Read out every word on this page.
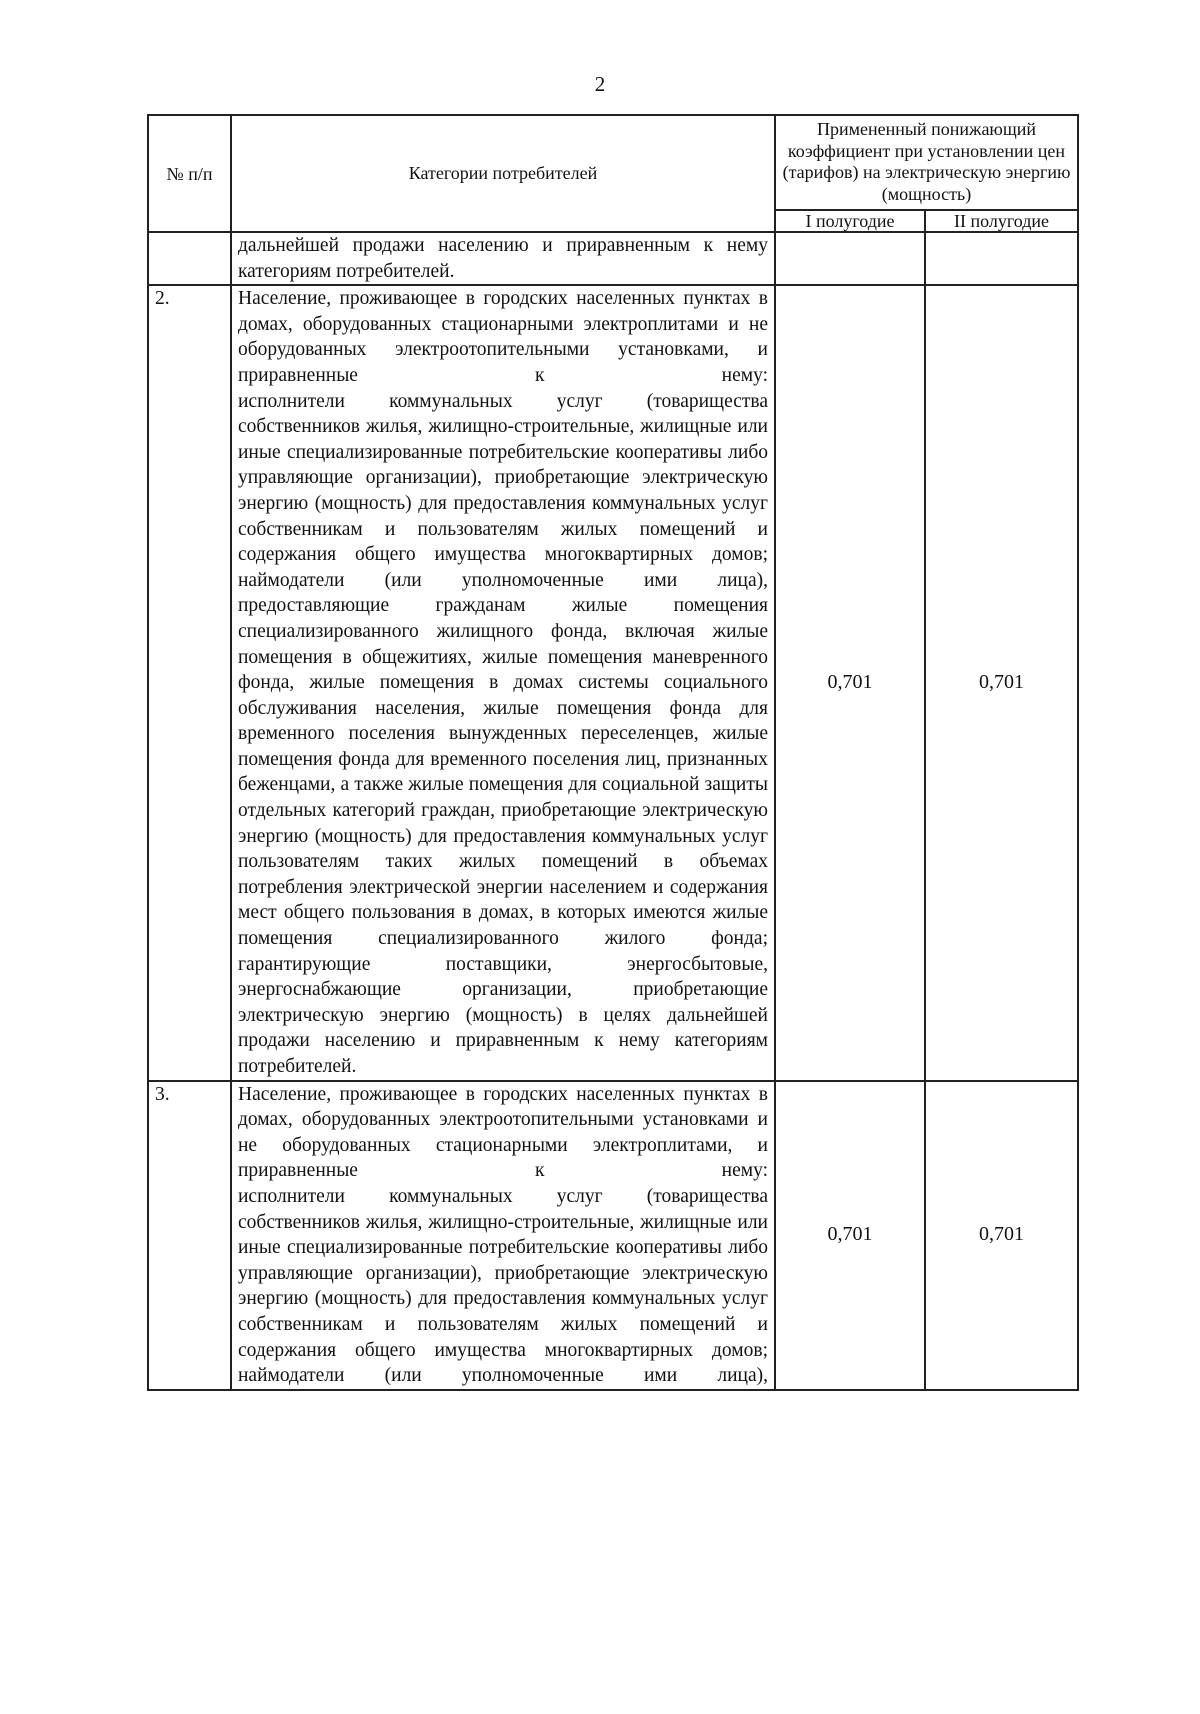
2
№ п/п	Категории потребителей	Примененный понижающий коэффициент при установлении цен (тарифов) на электрическую энергию (мощность)	
		I полугодие	II полугодие

	дальнейшей продажи населению и приравненным к нему категориям потребителей.		

2.	Население, проживающее в городских населенных пунктах в домах, оборудованных стационарными электроплитами и не оборудованных электроотопительными установками, и приравненные к нему:

исполнители коммунальных услуг (товарищества собственников жилья, жилищно-строительные, жилищные или иные специализированные потребительские кооперативы либо управляющие организации), приобретающие электрическую энергию (мощность) для предоставления коммунальных услуг собственникам и пользователям жилых помещений и содержания общего имущества многоквартирных домов;

наймодатели (или уполномоченные ими лица), предоставляющие гражданам жилые помещения специализированного жилищного фонда, включая жилые помещения в общежитиях, жилые помещения маневренного фонда, жилые помещения в домах системы социального обслуживания населения, жилые помещения фонда для временного поселения вынужденных переселенцев, жилые помещения фонда для временного поселения лиц, признанных беженцами, а также жилые помещения для социальной защиты отдельных категорий граждан, приобретающие электрическую энергию (мощность) для предоставления коммунальных услуг пользователям таких жилых помещений в объемах потребления электрической энергии населением и содержания мест общего пользования в домах, в которых имеются жилые помещения специализированного жилого фонда;

гарантирующие поставщики, энергосбытовые, энергоснабжающие организации, приобретающие электрическую энергию (мощность) в целях дальнейшей продажи населению и приравненным к нему категориям потребителей.	0,701	0,701
3.	Население, проживающее в городских населенных пунктах в домах, оборудованных электроотопительными установками и не оборудованных стационарными электроплитами, и приравненные к нему:

исполнители коммунальных услуг (товарищества собственников жилья, жилищно-строительные, жилищные или иные специализированные потребительские кооперативы либо управляющие организации), приобретающие электрическую энергию (мощность) для предоставления коммунальных услуг собственникам и пользователям жилых помещений и содержания общего имущества многоквартирных домов;

наймодатели (или уполномоченные ими лица),	0,701	0,701
